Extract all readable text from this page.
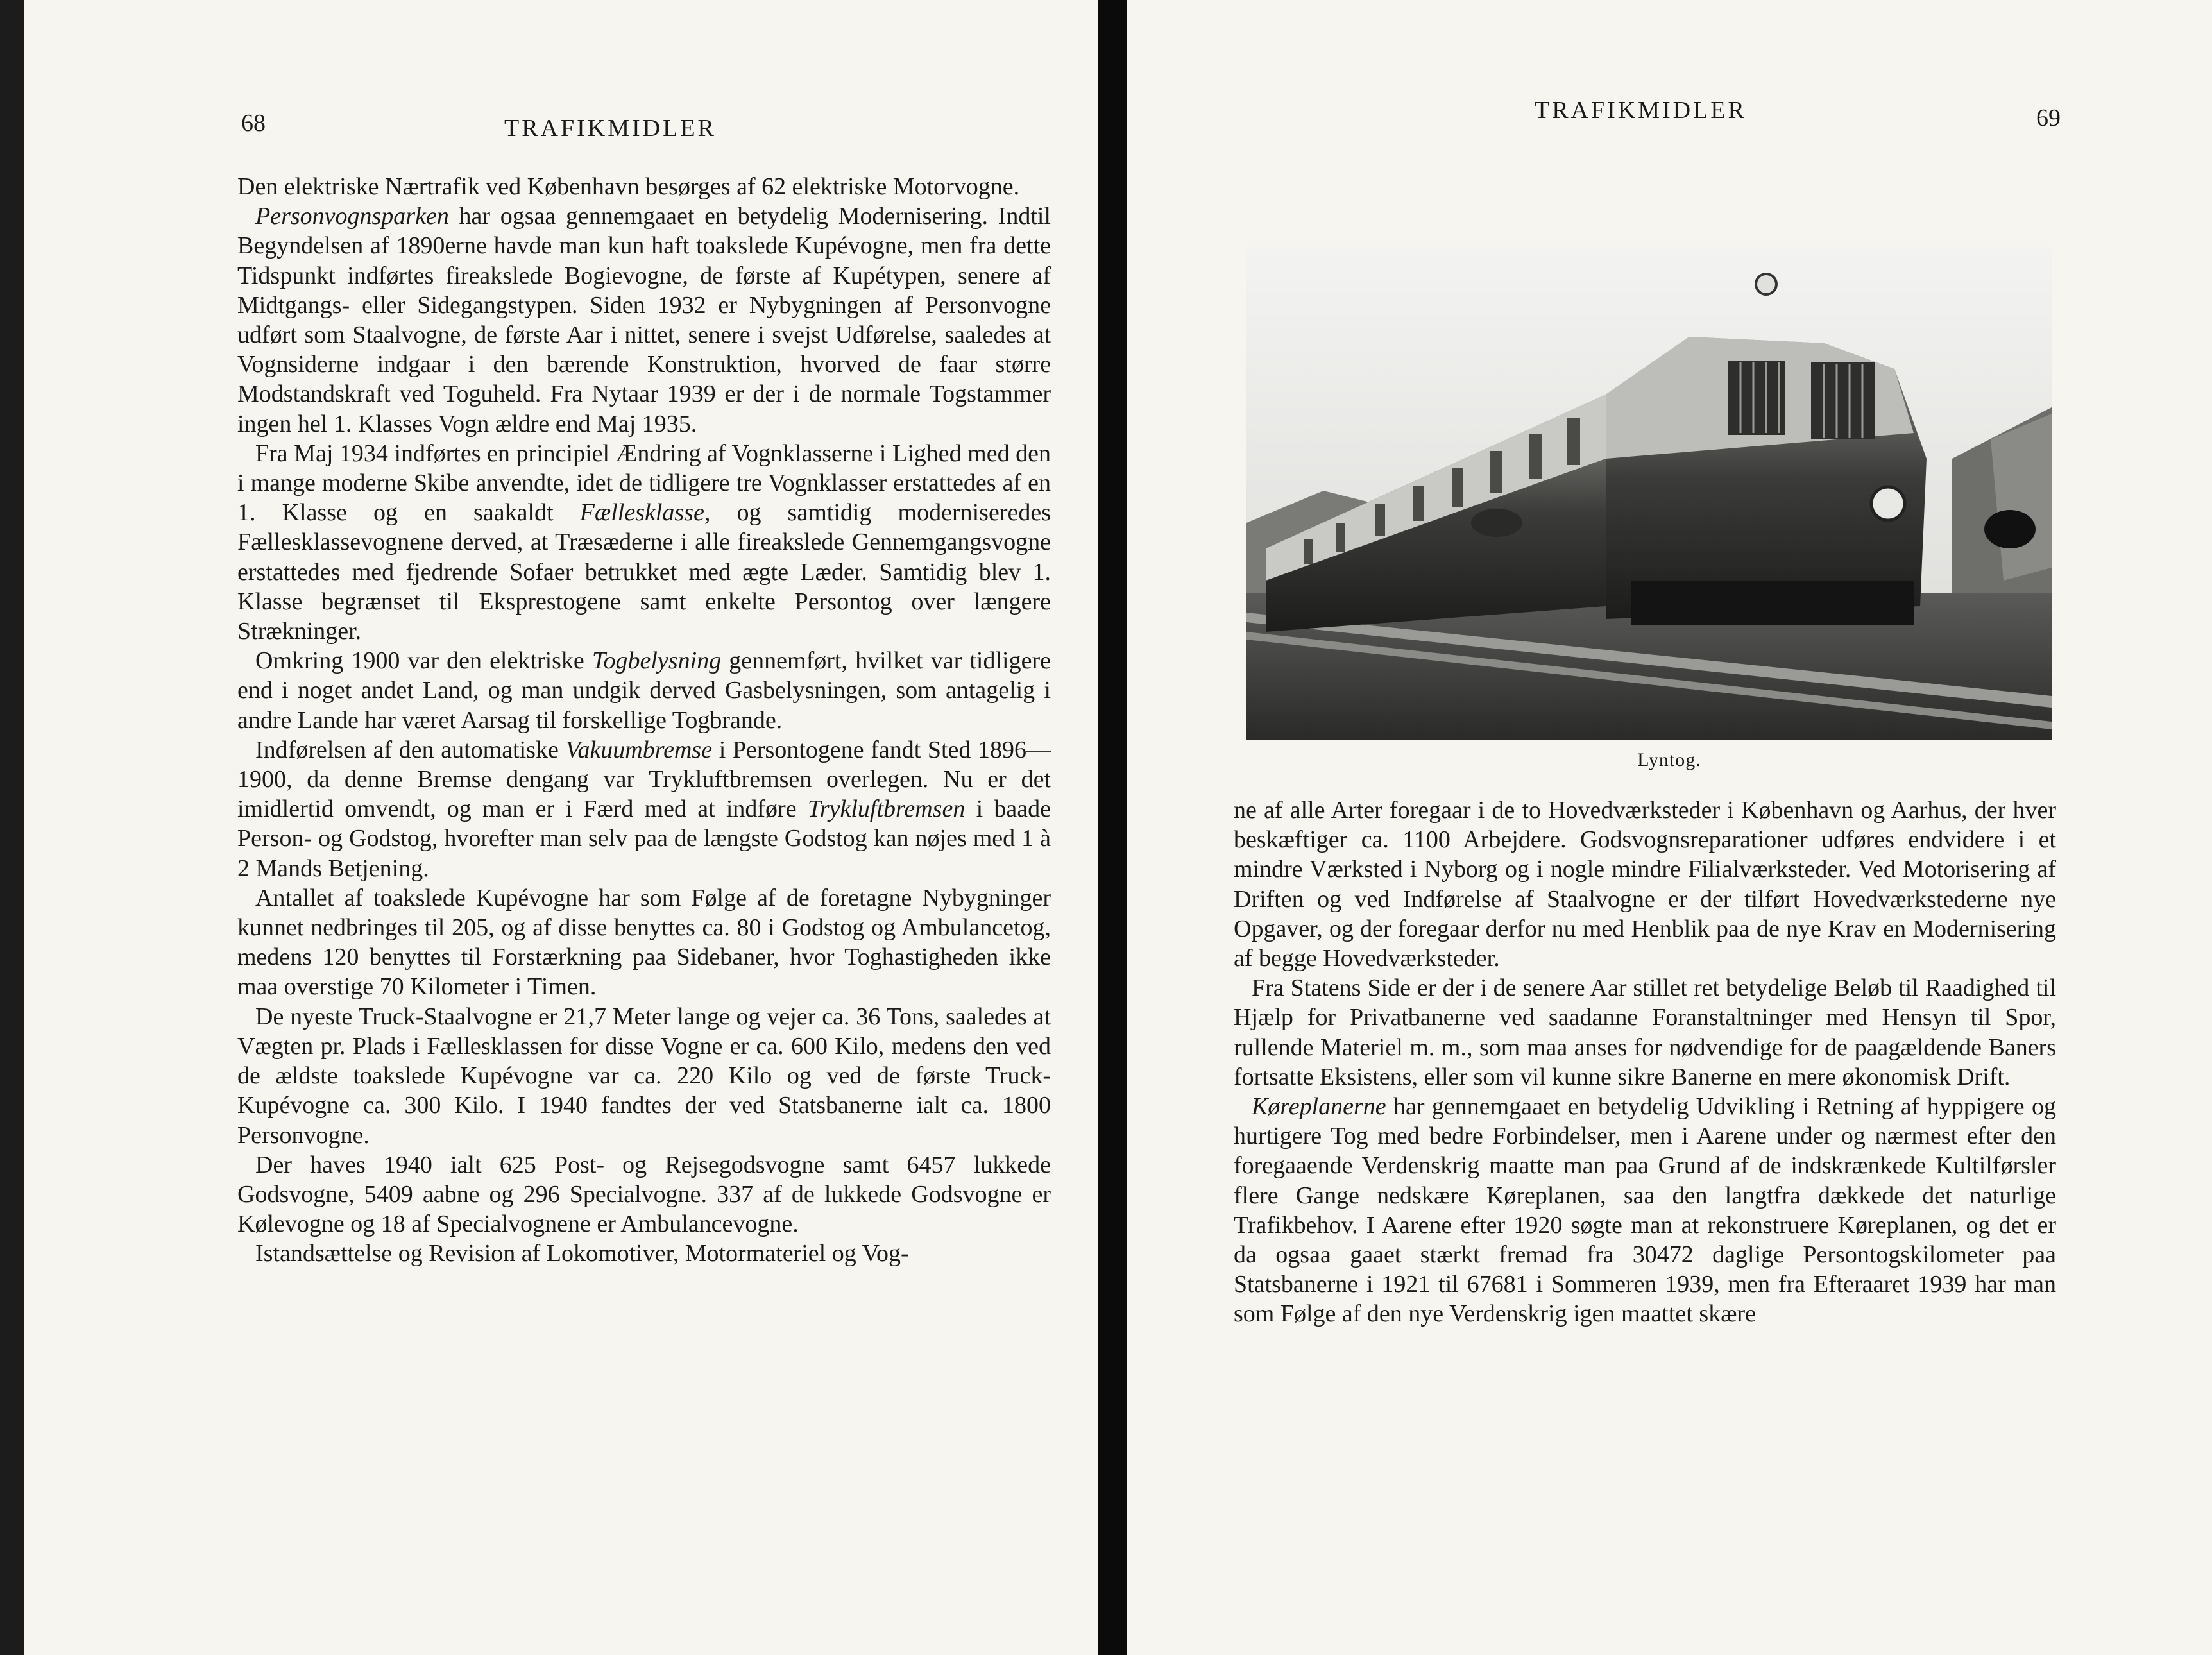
68	TRAFIKMIDLER

Den elektriske Nærtrafik ved København besørges af 62 elektriske Motorvogne.

Personvognsparken har ogsaa gennemgaaet en betydelig Modernisering. Indtil Begyndelsen af 1890erne havde man kun haft toakslede Kupévogne, men fra dette Tidspunkt indførtes fireakslede Bogievogne, de første af Kupétypen, senere af Midtgangs- eller Sidegangstypen. Siden 1932 er Nybygningen af Personvogne udført som Staalvogne, de første Aar i nittet, senere i svejst Udførelse, saaledes at Vognsiderne indgaar i den bærende Konstruktion, hvorved de faar større Modstandskraft ved Toguheld. Fra Nytaar 1939 er der i de normale Togstammer ingen hel 1. Klasses Vogn ældre end Maj 1935.

Fra Maj 1934 indførtes en principiel Ændring af Vognklasserne i Lighed med den i mange moderne Skibe anvendte, idet de tidligere tre Vognklasser erstattedes af en 1. Klasse og en saakaldt Fællesklasse, og samtidig moderniseredes Fællesklassevognene derved, at Træsæderne i alle fireakslede Gennemgangsvogne erstattedes med fjedrende Sofaer betrukket med ægte Læder. Samtidig blev 1. Klasse begrænset til Eksprestogene samt enkelte Persontog over længere Strækninger.

Omkring 1900 var den elektriske Togbelysning gennemført, hvilket var tidligere end i noget andet Land, og man undgik derved Gasbelysningen, som antagelig i andre Lande har været Aarsag til forskellige Togbrande.

Indførelsen af den automatiske Vakuumbremse i Persontogene fandt Sted 1896—1900, da denne Bremse dengang var Trykluftbremsen overlegen. Nu er det imidlertid omvendt, og man er i Færd med at indføre Trykluftbremsen i baade Person- og Godstog, hvorefter man selv paa de længste Godstog kan nøjes med 1 à 2 Mands Betjening.

Antallet af toakslede Kupévogne har som Følge af de foretagne Nybygninger kunnet nedbringes til 205, og af disse benyttes ca. 80 i Godstog og Ambulancetog, medens 120 benyttes til Forstærkning paa Sidebaner, hvor Toghastigheden ikke maa overstige 70 Kilometer i Timen.

De nyeste Truck-Staalvogne er 21,7 Meter lange og vejer ca. 36 Tons, saaledes at Vægten pr. Plads i Fællesklassen for disse Vogne er ca. 600 Kilo, medens den ved de ældste toakslede Kupévogne var ca. 220 Kilo og ved de første Truck-Kupévogne ca. 300 Kilo. I 1940 fandtes der ved Statsbanerne ialt ca. 1800 Personvogne.

Der haves 1940 ialt 625 Post- og Rejsegodsvogne samt 6457 lukkede Godsvogne, 5409 aabne og 296 Specialvogne. 337 af de lukkede Godsvogne er Kølevogne og 18 af Specialvognene er Ambulancevogne.

Istandsættelse og Revision af Lokomotiver, Motormateriel og Vog-

TRAFIKMIDLER	69
Lyntog.

ne af alle Arter foregaar i de to Hovedværksteder i København og Aarhus, der hver beskæftiger ca. 1100 Arbejdere. Godsvognsreparationer udføres endvidere i et mindre Værksted i Nyborg og i nogle mindre Filialværksteder. Ved Motorisering af Driften og ved Indførelse af Staalvogne er der tilført Hovedværkstederne nye Opgaver, og der foregaar derfor nu med Henblik paa de nye Krav en Modernisering af begge Hovedværksteder.

Fra Statens Side er der i de senere Aar stillet ret betydelige Beløb til Raadighed til Hjælp for Privatbanerne ved saadanne Foranstaltninger med Hensyn til Spor, rullende Materiel m. m., som maa anses for nødvendige for de paagældende Baners fortsatte Eksistens, eller som vil kunne sikre Banerne en mere økonomisk Drift.

Køreplanerne har gennemgaaet en betydelig Udvikling i Retning af hyppigere og hurtigere Tog med bedre Forbindelser, men i Aarene under og nærmest efter den foregaaende Verdenskrig maatte man paa Grund af de indskrænkede Kultilførsler flere Gange nedskære Køreplanen, saa den langtfra dækkede det naturlige Trafikbehov. I Aarene efter 1920 søgte man at rekonstruere Køreplanen, og det er da ogsaa gaaet stærkt fremad fra 30472 daglige Persontogskilometer paa Statsbanerne i 1921 til 67681 i Sommeren 1939, men fra Efteraaret 1939 har man som Følge af den nye Verdenskrig igen maattet skære
